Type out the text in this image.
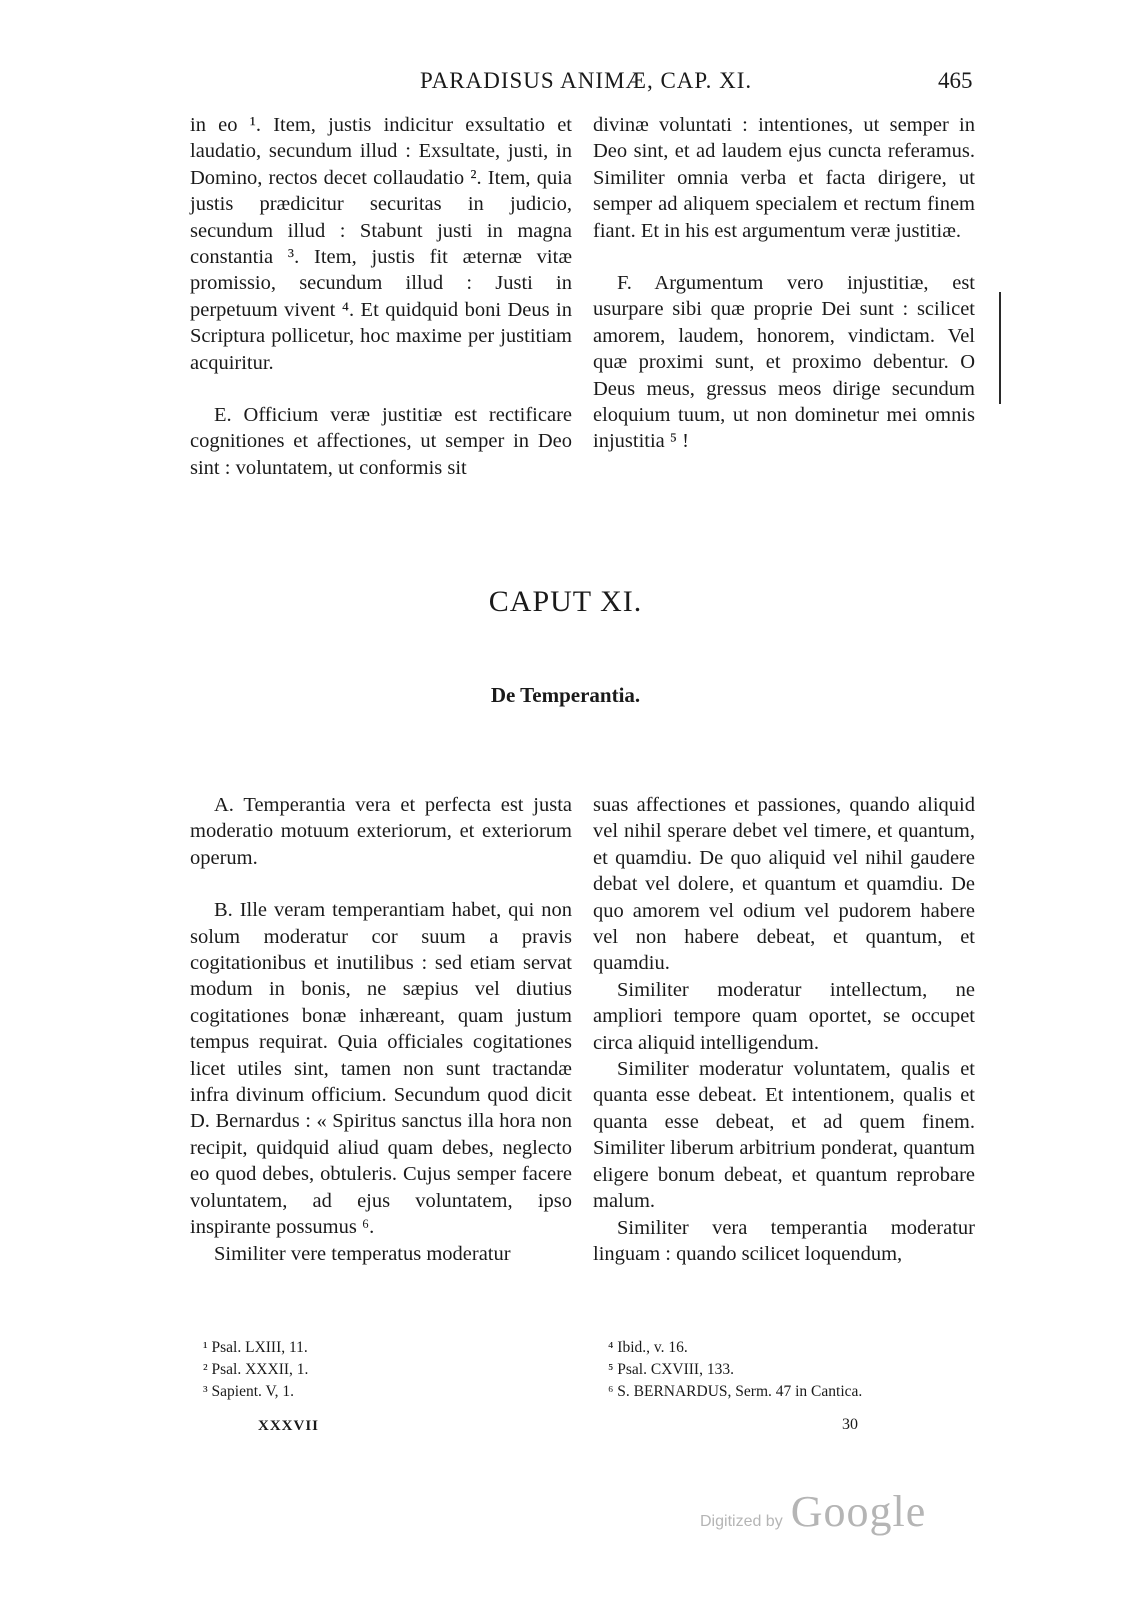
PARADISUS ANIMÆ, CAP. XI.	465

in eo ¹. Item, justis indicitur exsultatio et laudatio, secundum illud : Exsultate, justi, in Domino, rectos decet collaudatio ². Item, quia justis prædicitur securitas in judicio, secundum illud : Stabunt justi in magna constantia ³. Item, justis fit æternæ vitæ promissio, secundum illud : Justi in perpetuum vivent ⁴. Et quidquid boni Deus in Scriptura pollicetur, hoc maxime per justitiam acquiritur.

E. Officium veræ justitiæ est rectificare cognitiones et affectiones, ut semper in Deo sint : voluntatem, ut conformis sit

divinæ voluntati : intentiones, ut semper in Deo sint, et ad laudem ejus cuncta referamus. Similiter omnia verba et facta dirigere, ut semper ad aliquem specialem et rectum finem fiant. Et in his est argumentum veræ justitiæ.

F. Argumentum vero injustitiæ, est usurpare sibi quæ proprie Dei sunt : scilicet amorem, laudem, honorem, vindictam. Vel quæ proximi sunt, et proximo debentur. O Deus meus, gressus meos dirige secundum eloquium tuum, ut non dominetur mei omnis injustitia ⁵ !

CAPUT XI.
De Temperantia.

A. Temperantia vera et perfecta est justa moderatio motuum exteriorum, et exteriorum operum.

B. Ille veram temperantiam habet, qui non solum moderatur cor suum a pravis cogitationibus et inutilibus : sed etiam servat modum in bonis, ne sæpius vel diutius cogitationes bonæ inhæreant, quam justum tempus requirat. Quia officiales cogitationes licet utiles sint, tamen non sunt tractandæ infra divinum officium. Secundum quod dicit D. Bernardus : « Spiritus sanctus illa hora non recipit, quidquid aliud quam debes, neglecto eo quod debes, obtuleris. Cujus semper facere voluntatem, ad ejus voluntatem, ipso inspirante possumus ⁶.

Similiter vere temperatus moderatur

suas affectiones et passiones, quando aliquid vel nihil sperare debet vel timere, et quantum, et quamdiu. De quo aliquid vel nihil gaudere debat vel dolere, et quantum et quamdiu. De quo amorem vel odium vel pudorem habere vel non habere debeat, et quantum, et quamdiu.

Similiter moderatur intellectum, ne ampliori tempore quam oportet, se occupet circa aliquid intelligendum.

Similiter moderatur voluntatem, qualis et quanta esse debeat. Et intentionem, qualis et quanta esse debeat, et ad quem finem. Similiter liberum arbitrium ponderat, quantum eligere bonum debeat, et quantum reprobare malum.

Similiter vera temperantia moderatur linguam : quando scilicet loquendum,

¹ Psal. LXIII, 11.
² Psal. XXXII, 1.
³ Sapient. V, 1.
⁴ Ibid., v. 16.
⁵ Psal. CXVIII, 133.
⁶ S. BERNARDUS, Serm. 47 in Cantica.
XXXVII	30
Digitized by Google
